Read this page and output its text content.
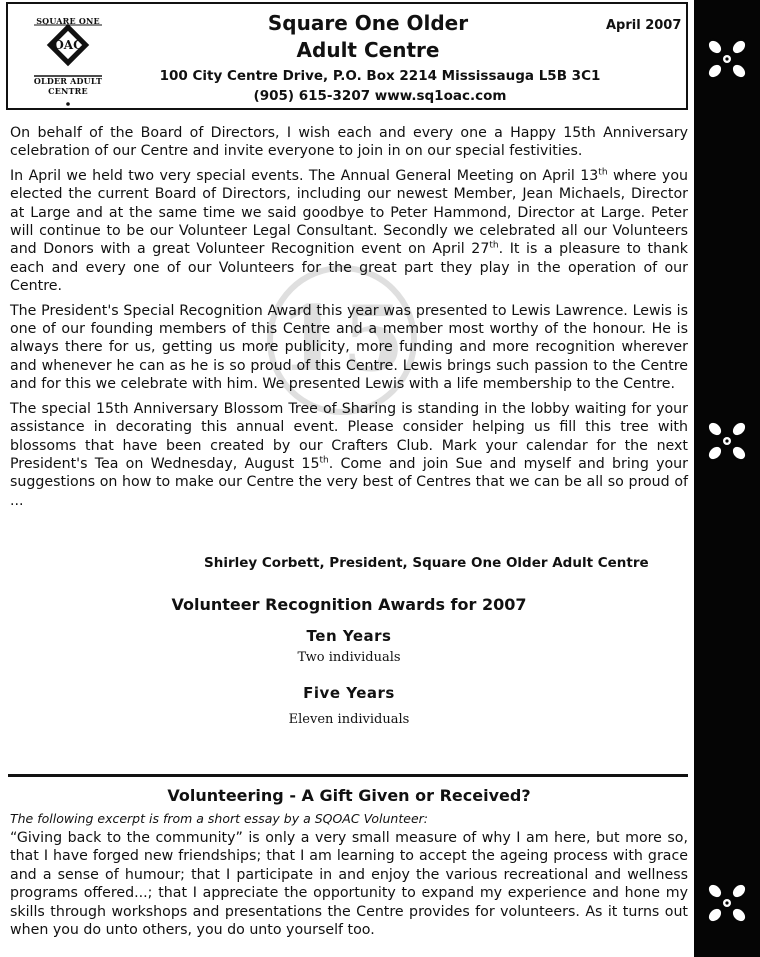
SQUARE ONE
OAC
OLDER ADULT
CENTRE
Square One Older
Adult Centre
April 2007
100 City Centre Drive, P.O. Box 2214 Mississauga L5B 3C1
(905) 615-3207 www.sq1oac.com
15

On behalf of the Board of Directors, I wish each and every one a Happy 15th Anniversary celebration of our Centre and invite everyone to join in on our special festivities.

In April we held two very special events. The Annual General Meeting on April 13th where you elected the current Board of Directors, including our newest Member, Jean Michaels, Director at Large and at the same time we said goodbye to Peter Hammond, Director at Large. Peter will continue to be our Volunteer Legal Consultant. Secondly we celebrated all our Volunteers and Donors with a great Volunteer Recognition event on April 27th. It is a pleasure to thank each and every one of our Volunteers for the great part they play in the operation of our Centre.

The President's Special Recognition Award this year was presented to Lewis Lawrence. Lewis is one of our founding members of this Centre and a member most worthy of the honour. He is always there for us, getting us more publicity, more funding and more recognition wherever and whenever he can as he is so proud of this Centre. Lewis brings such passion to the Centre and for this we celebrate with him. We presented Lewis with a life membership to the Centre.

The special 15th Anniversary Blossom Tree of Sharing is standing in the lobby waiting for your assistance in decorating this annual event. Please consider helping us fill this tree with blossoms that have been created by our Crafters Club. Mark your calendar for the next President's Tea on Wednesday, August 15th. Come and join Sue and myself and bring your suggestions on how to make our Centre the very best of Centres that we can be all so proud of ...

Shirley Corbett, President, Square One Older Adult Centre
Volunteer Recognition Awards for 2007
Ten Years
Two individuals
Five Years
Eleven individuals
Volunteering - A Gift Given or Received?
The following excerpt is from a short essay by a SQOAC Volunteer:

“Giving back to the community” is only a very small measure of why I am here, but more so, that I have forged new friendships; that I am learning to accept the ageing process with grace and a sense of humour; that I participate in and enjoy the various recreational and wellness programs offered...; that I appreciate the opportunity to expand my experience and hone my skills through workshops and presentations the Centre provides for volunteers. As it turns out when you do unto others, you do unto yourself too.
